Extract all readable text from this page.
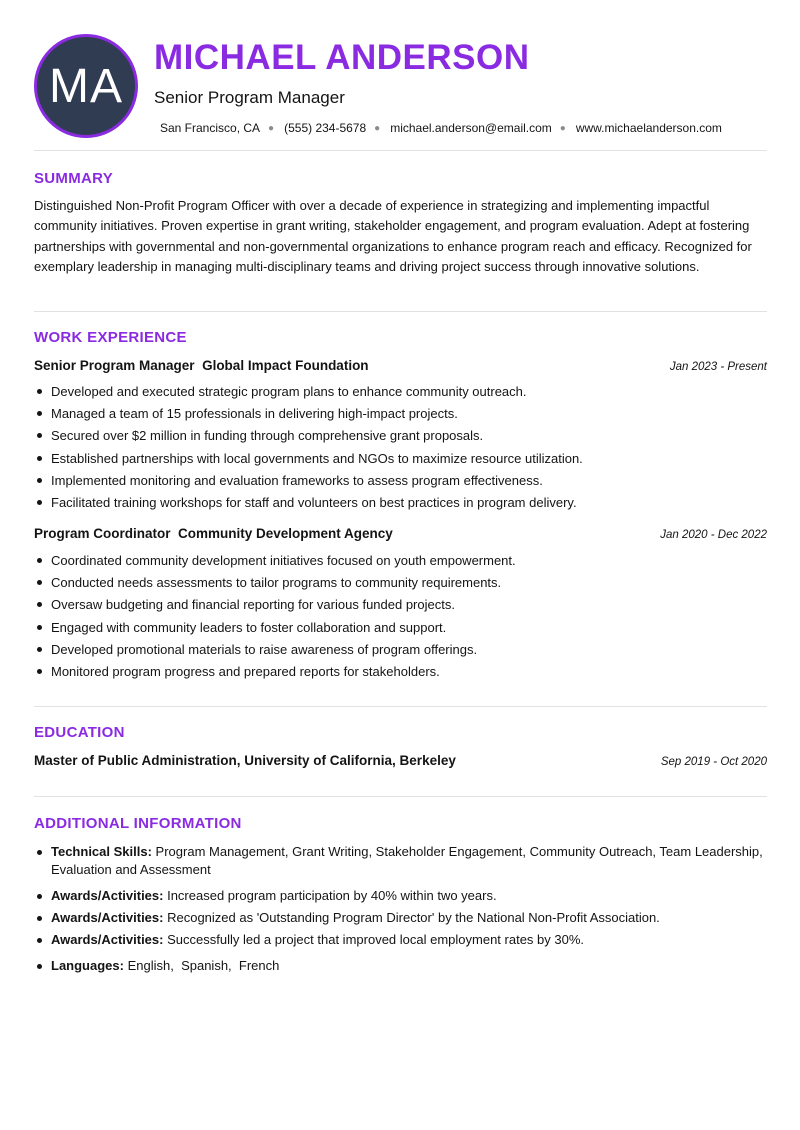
MA
MICHAEL ANDERSON
Senior Program Manager
San Francisco, CA ● (555) 234-5678 ● michael.anderson@email.com ● www.michaelanderson.com
SUMMARY

Distinguished Non-Profit Program Officer with over a decade of experience in strategizing and implementing impactful community initiatives. Proven expertise in grant writing, stakeholder engagement, and program evaluation. Adept at fostering partnerships with governmental and non-governmental organizations to enhance program reach and efficacy. Recognized for exemplary leadership in managing multi-disciplinary teams and driving project success through innovative solutions.

WORK EXPERIENCE
Senior Program Manager Global Impact Foundation	Jan 2023 - Present
Developed and executed strategic program plans to enhance community outreach.
Managed a team of 15 professionals in delivering high-impact projects.
Secured over $2 million in funding through comprehensive grant proposals.
Established partnerships with local governments and NGOs to maximize resource utilization.
Implemented monitoring and evaluation frameworks to assess program effectiveness.
Facilitated training workshops for staff and volunteers on best practices in program delivery.
Program Coordinator Community Development Agency	Jan 2020 - Dec 2022
Coordinated community development initiatives focused on youth empowerment.
Conducted needs assessments to tailor programs to community requirements.
Oversaw budgeting and financial reporting for various funded projects.
Engaged with community leaders to foster collaboration and support.
Developed promotional materials to raise awareness of program offerings.
Monitored program progress and prepared reports for stakeholders.
EDUCATION
Master of Public Administration, University of California, Berkeley	Sep 2019 - Oct 2020
ADDITIONAL INFORMATION
Technical Skills: Program Management, Grant Writing, Stakeholder Engagement, Community Outreach, Team Leadership, Evaluation and Assessment
Awards/Activities: Increased program participation by 40% within two years.
Awards/Activities: Recognized as 'Outstanding Program Director' by the National Non-Profit Association.
Awards/Activities: Successfully led a project that improved local employment rates by 30%.
Languages: English,  Spanish,  French
